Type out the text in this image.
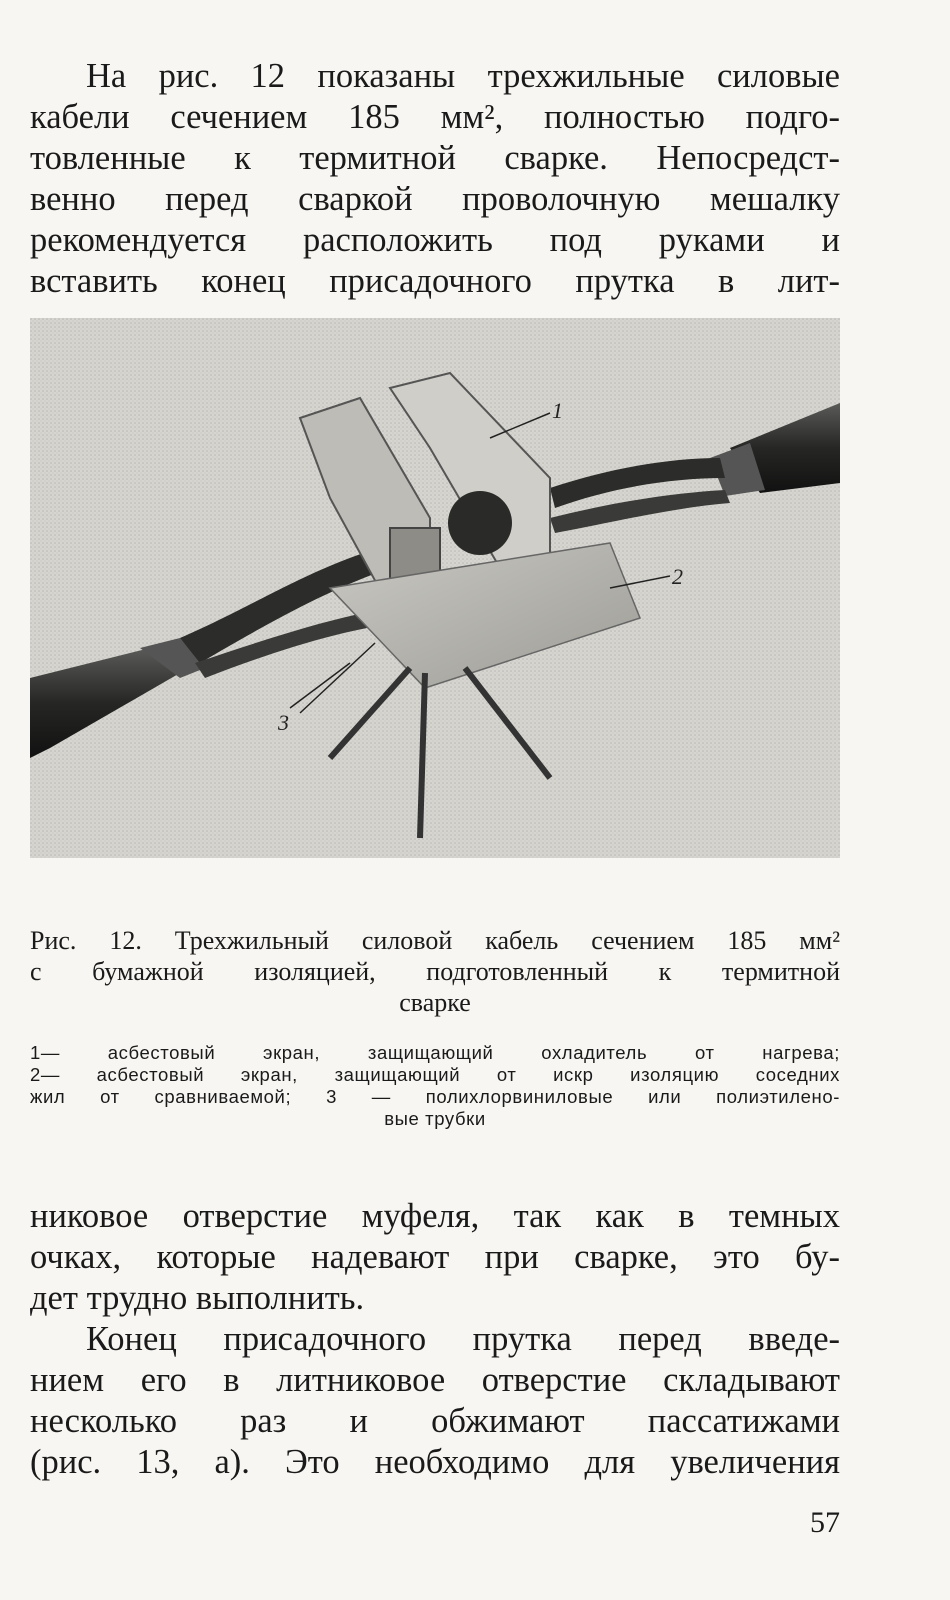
На рис. 12 показаны трехжильные силовые
кабели сечением 185 мм², полностью подго-
товленные к термитной сварке. Непосредст-
венно перед сваркой проволочную мешалку
рекомендуется расположить под руками и
вставить конец присадочного прутка в лит-
1
2
3
Рис. 12. Трехжильный силовой кабель сечением 185 мм²
с бумажной изоляцией, подготовленный к термитной
сварке
1— асбестовый экран, защищающий охладитель от нагрева;
2— асбестовый экран, защищающий от искр изоляцию соседних
жил от сравниваемой; 3 — полихлорвиниловые или полиэтилено-
вые трубки
никовое отверстие муфеля, так как в темных
очках, которые надевают при сварке, это бу-
дет трудно выполнить.
Конец присадочного прутка перед введе-
нием его в литниковое отверстие складывают
несколько раз и обжимают пассатижами
(рис. 13, а). Это необходимо для увеличения
57
